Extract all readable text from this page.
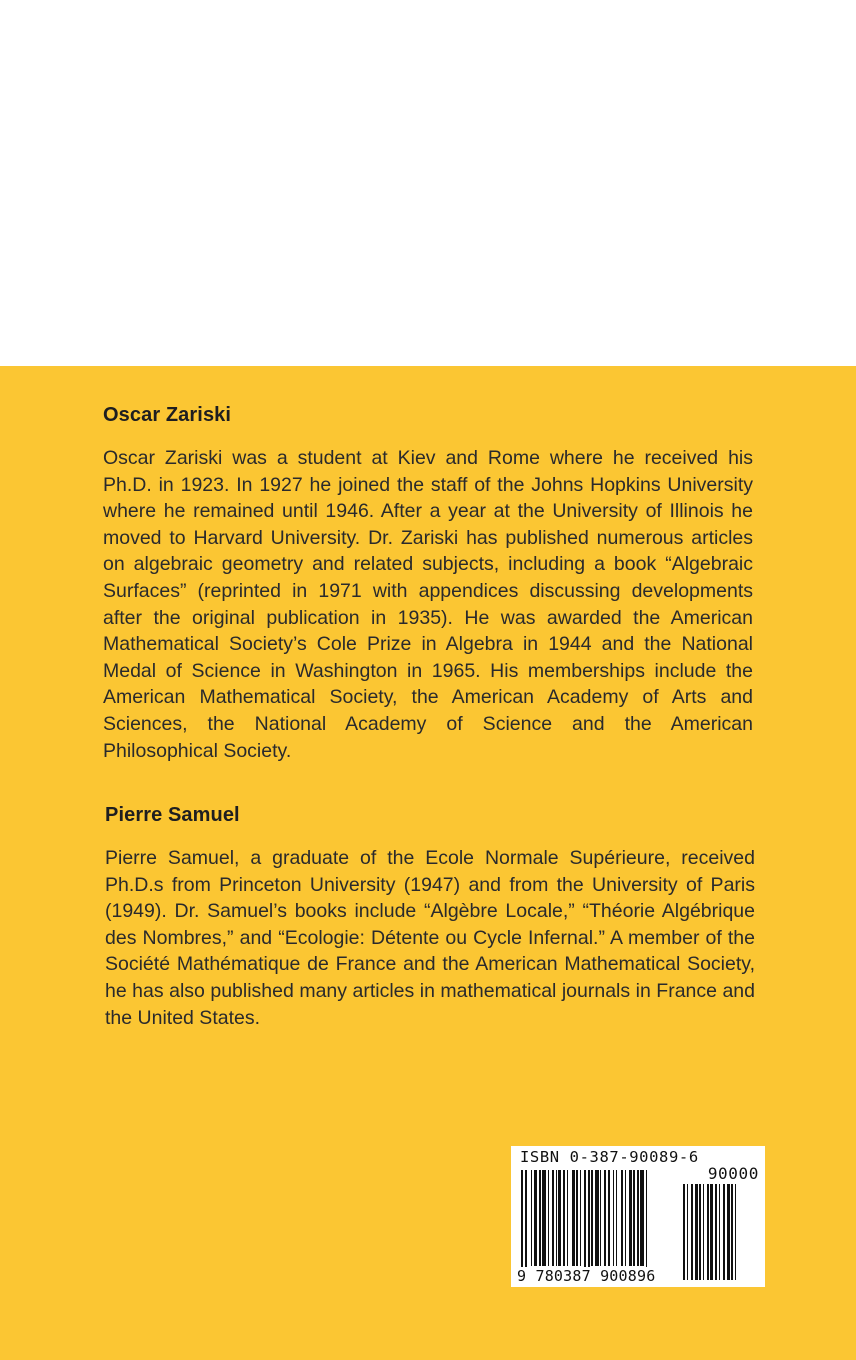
Oscar Zariski

Oscar Zariski was a student at Kiev and Rome where he received his Ph.D. in 1923. In 1927 he joined the staff of the Johns Hopkins University where he remained until 1946. After a year at the University of Illinois he moved to Harvard University. Dr. Zariski has published numerous articles on algebraic geometry and related subjects, including a book “Algebraic Surfaces” (reprinted in 1971 with appendices discussing developments after the original publication in 1935). He was awarded the American Mathematical Society’s Cole Prize in Algebra in 1944 and the National Medal of Science in Washington in 1965. His memberships include the American Mathematical Society, the American Academy of Arts and Sciences, the National Academy of Science and the American Philosophical Society.

Pierre Samuel

Pierre Samuel, a graduate of the Ecole Normale Supérieure, received Ph.D.s from Princeton University (1947) and from the University of Paris (1949). Dr. Samuel’s books include “Algèbre Locale,” “Théorie Algébrique des Nombres,” and “Ecologie: Détente ou Cycle Infernal.” A member of the Société Mathématique de France and the American Mathematical Society, he has also published many articles in mathematical journals in France and the United States.

ISBN 0-387-90089-6
90000
9 780387 900896
